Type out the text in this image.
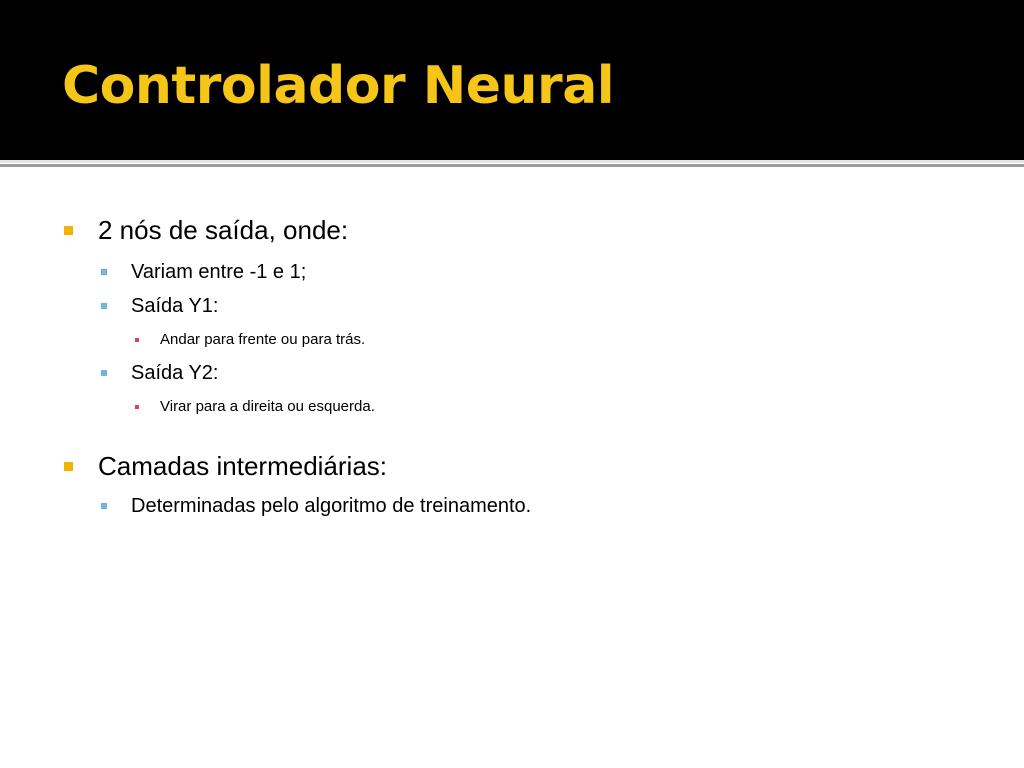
Controlador Neural
2 nós de saída, onde:
Variam entre -1 e 1;
Saída Y1:
Andar para frente ou para trás.
Saída Y2:
Virar para a direita ou esquerda.
Camadas intermediárias:
Determinadas pelo algoritmo de treinamento.
